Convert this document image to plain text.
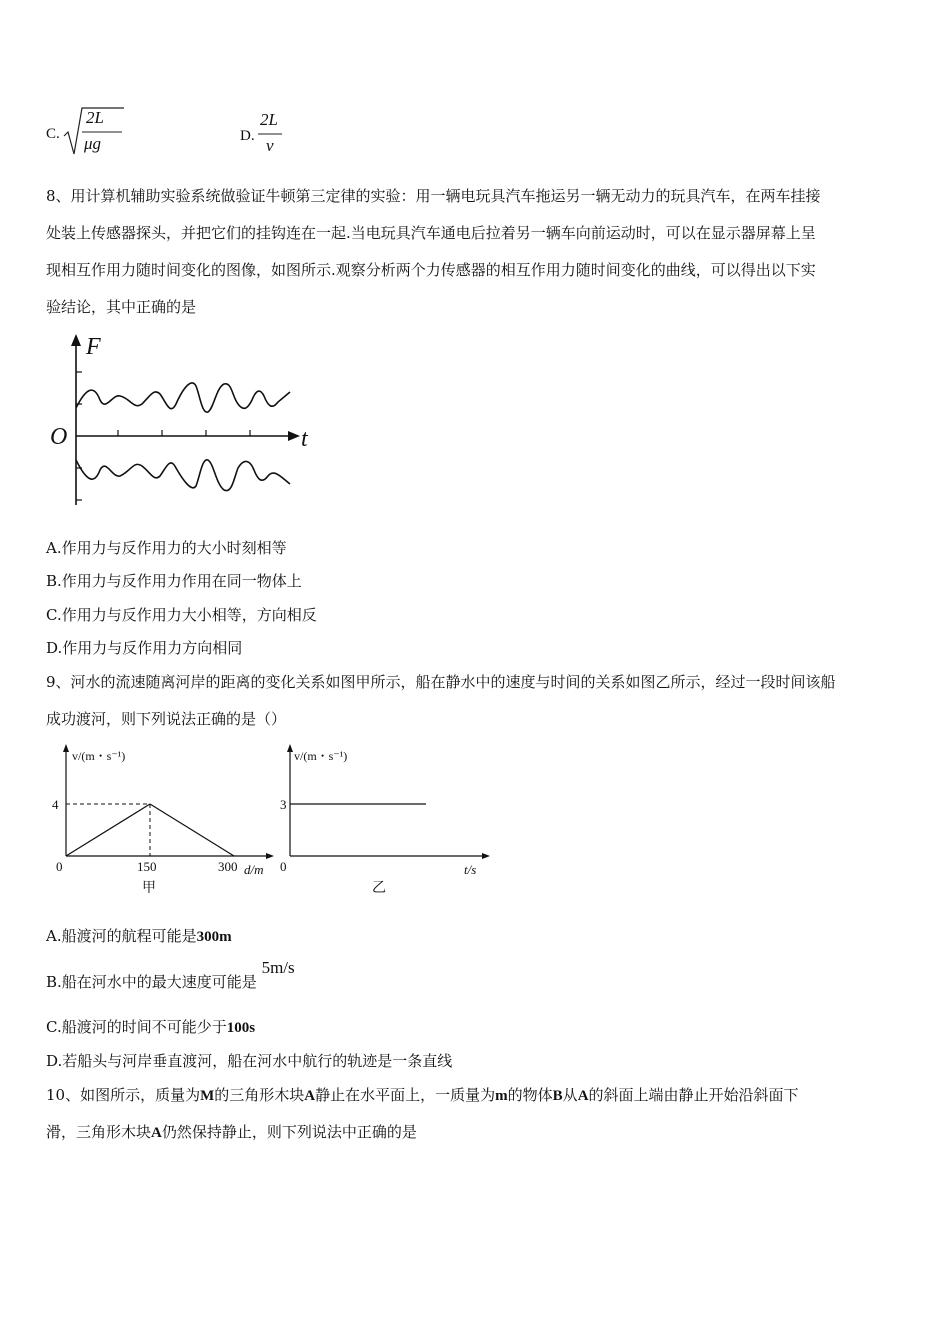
C.
2L
μg	D.
2L
v
8、用计算机辅助实验系统做验证牛顿第三定律的实验：用一辆电玩具汽车拖运另一辆无动力的玩具汽车，在两车挂接
处装上传感器探头，并把它们的挂钩连在一起.当电玩具汽车通电后拉着另一辆车向前运动时，可以在显示器屏幕上呈
现相互作用力随时间变化的图像，如图所示.观察分析两个力传感器的相互作用力随时间变化的曲线，可以得出以下实
验结论，其中正确的是
F
t
O
A.作用力与反作用力的大小时刻相等
B.作用力与反作用力作用在同一物体上
C.作用力与反作用力大小相等，方向相反
D.作用力与反作用力方向相同
9、河水的流速随离河岸的距离的变化关系如图甲所示，船在静水中的速度与时间的关系如图乙所示，经过一段时间该船
成功渡河，则下列说法正确的是（）
v/(m・s⁻¹)
4
0	150	300 d/m
甲
v/(m・s⁻¹)
3
0	t/s
乙
A.船渡河的航程可能是300m
B.船在河水中的最大速度可能是 5m/s
C.船渡河的时间不可能少于100s
D.若船头与河岸垂直渡河，船在河水中航行的轨迹是一条直线
10、如图所示，质量为M的三角形木块A静止在水平面上，一质量为m的物体B从A的斜面上端由静止开始沿斜面下
滑，三角形木块A仍然保持静止，则下列说法中正确的是
